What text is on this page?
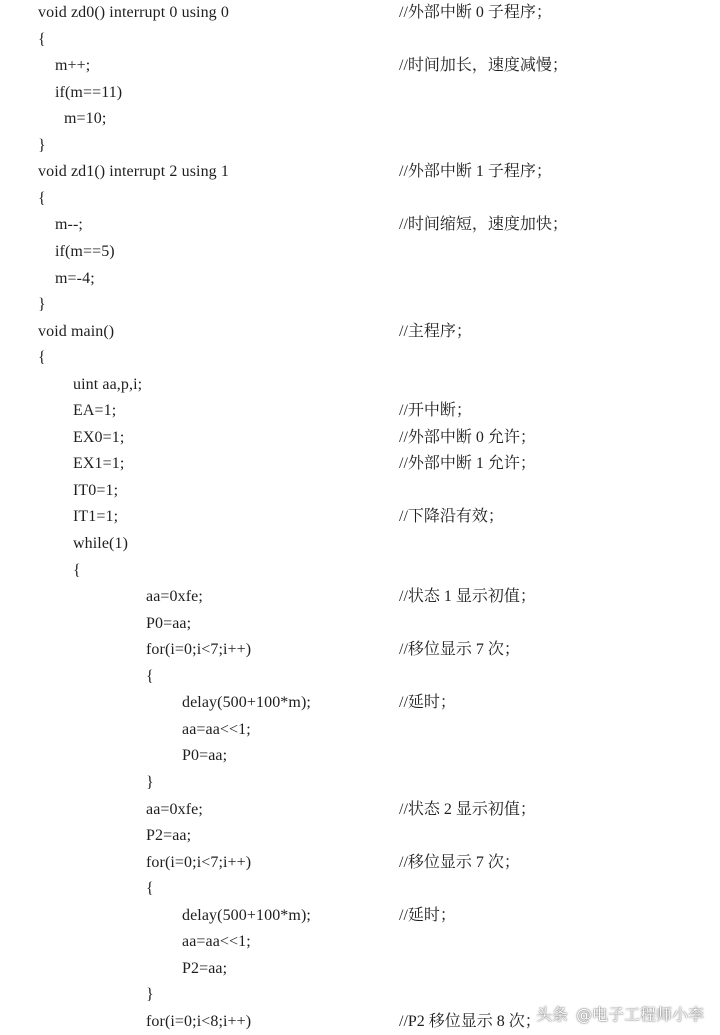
void zd0() interrupt 0 using 0	//外部中断 0 子程序；
{
m++;	//时间加长，速度减慢；
if(m==11)
m=10;
}
void zd1() interrupt 2 using 1	//外部中断 1 子程序；
{
m--;	//时间缩短，速度加快；
if(m==5)
m=-4;
}
void main()	//主程序；
{
uint aa,p,i;
EA=1;	//开中断；
EX0=1;	//外部中断 0 允许；
EX1=1;	//外部中断 1 允许；
IT0=1;
IT1=1;	//下降沿有效；
while(1)
{
aa=0xfe;	//状态 1 显示初值；
P0=aa;
for(i=0;i<7;i++)	//移位显示 7 次；
{
delay(500+100*m);	//延时；
aa=aa<<1;
P0=aa;
}
aa=0xfe;	//状态 2 显示初值；
P2=aa;
for(i=0;i<7;i++)	//移位显示 7 次；
{
delay(500+100*m);	//延时；
aa=aa<<1;
P2=aa;
}
for(i=0;i<8;i++)	//P2 移位显示 8 次；
头条 @电子工程师小李
